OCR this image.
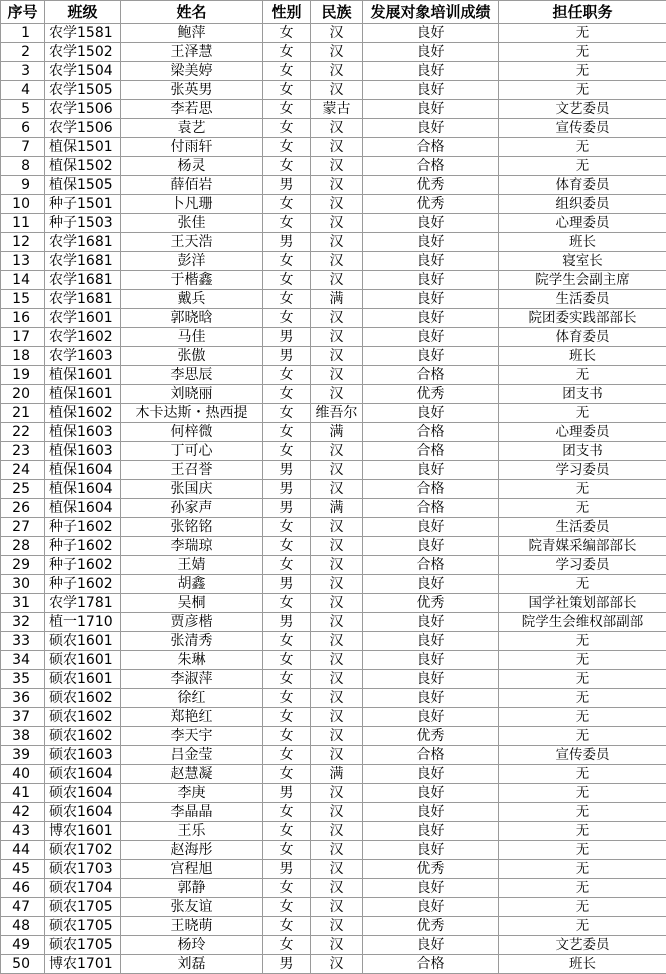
序号	班级	姓名	性别	民族	发展对象培训成绩	担任职务
1	农学1581	鲍萍	女	汉	良好	无
2	农学1502	王泽慧	女	汉	良好	无
3	农学1504	梁美婷	女	汉	良好	无
4	农学1505	张英男	女	汉	良好	无
5	农学1506	李若思	女	蒙古	良好	文艺委员
6	农学1506	袁艺	女	汉	良好	宣传委员
7	植保1501	付雨轩	女	汉	合格	无
8	植保1502	杨灵	女	汉	合格	无
9	植保1505	薛佰岩	男	汉	优秀	体育委员
10	种子1501	卜凡珊	女	汉	优秀	组织委员
11	种子1503	张佳	女	汉	良好	心理委员
12	农学1681	王天浩	男	汉	良好	班长
13	农学1681	彭洋	女	汉	良好	寝室长
14	农学1681	于楷鑫	女	汉	良好	院学生会副主席
15	农学1681	戴兵	女	满	良好	生活委员
16	农学1601	郭晓晗	女	汉	良好	院团委实践部部长
17	农学1602	马佳	男	汉	良好	体育委员
18	农学1603	张傲	男	汉	良好	班长
19	植保1601	李思辰	女	汉	合格	无
20	植保1601	刘晓丽	女	汉	优秀	团支书
21	植保1602	木卡达斯・热西提	女	维吾尔	良好	无
22	植保1603	何梓微	女	满	合格	心理委员
23	植保1603	丁可心	女	汉	合格	团支书
24	植保1604	王召誉	男	汉	良好	学习委员
25	植保1604	张国庆	男	汉	合格	无
26	植保1604	孙家声	男	满	合格	无
27	种子1602	张铭铭	女	汉	良好	生活委员
28	种子1602	李瑞琼	女	汉	良好	院青媒采编部部长
29	种子1602	王婧	女	汉	合格	学习委员
30	种子1602	胡鑫	男	汉	良好	无
31	农学1781	吴桐	女	汉	优秀	国学社策划部部长
32	植一1710	贾彦楷	男	汉	良好	院学生会维权部副部
33	硕农1601	张清秀	女	汉	良好	无
34	硕农1601	朱琳	女	汉	良好	无
35	硕农1601	李淑萍	女	汉	良好	无
36	硕农1602	徐红	女	汉	良好	无
37	硕农1602	郑艳红	女	汉	良好	无
38	硕农1602	李天宇	女	汉	优秀	无
39	硕农1603	吕金莹	女	汉	合格	宣传委员
40	硕农1604	赵慧凝	女	满	良好	无
41	硕农1604	李庚	男	汉	良好	无
42	硕农1604	李晶晶	女	汉	良好	无
43	博农1601	王乐	女	汉	良好	无
44	硕农1702	赵海彤	女	汉	良好	无
45	硕农1703	宫程旭	男	汉	优秀	无
46	硕农1704	郭静	女	汉	良好	无
47	硕农1705	张友谊	女	汉	良好	无
48	硕农1705	王晓萌	女	汉	优秀	无
49	硕农1705	杨玲	女	汉	良好	文艺委员
50	博农1701	刘磊	男	汉	合格	班长
